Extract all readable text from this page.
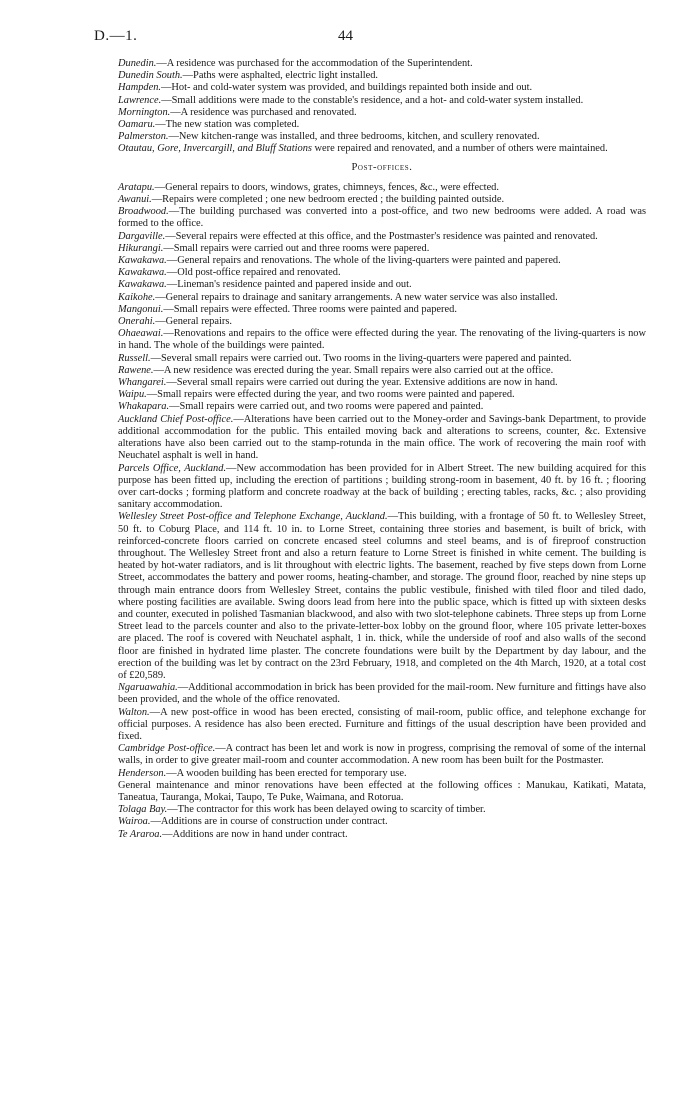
D.—1.	44

Dunedin.—A residence was purchased for the accommodation of the Superintendent.

Dunedin South.—Paths were asphalted, electric light installed.

Hampden.—Hot- and cold-water system was provided, and buildings repainted both inside and out.

Lawrence.—Small additions were made to the constable's residence, and a hot- and cold-water system installed.

Mornington.—A residence was purchased and renovated.

Oamaru.—The new station was completed.

Palmerston.—New kitchen-range was installed, and three bedrooms, kitchen, and scullery renovated.

Otautau, Gore, Invercargill, and Bluff Stations were repaired and renovated, and a number of others were maintained.

Post-offices.

Aratapu.—General repairs to doors, windows, grates, chimneys, fences, &c., were effected.

Awanui.—Repairs were completed ; one new bedroom erected ; the building painted outside.

Broadwood.—The building purchased was converted into a post-office, and two new bedrooms were added. A road was formed to the office.

Dargaville.—Several repairs were effected at this office, and the Postmaster's residence was painted and renovated.

Hikurangi.—Small repairs were carried out and three rooms were papered.

Kawakawa.—General repairs and renovations. The whole of the living-quarters were painted and papered.

Kawakawa.—Old post-office repaired and renovated.

Kawakawa.—Lineman's residence painted and papered inside and out.

Kaikohe.—General repairs to drainage and sanitary arrangements. A new water service was also installed.

Mangonui.—Small repairs were effected. Three rooms were painted and papered.

Onerahi.—General repairs.

Ohaeawai.—Renovations and repairs to the office were effected during the year. The renovating of the living-quarters is now in hand. The whole of the buildings were painted.

Russell.—Several small repairs were carried out. Two rooms in the living-quarters were papered and painted.

Rawene.—A new residence was erected during the year. Small repairs were also carried out at the office.

Whangarei.—Several small repairs were carried out during the year. Extensive additions are now in hand.

Waipu.—Small repairs were effected during the year, and two rooms were painted and papered.

Whakapara.—Small repairs were carried out, and two rooms were papered and painted.

Auckland Chief Post-office.—Alterations have been carried out to the Money-order and Savings-bank Department, to provide additional accommodation for the public. This entailed moving back and alterations to screens, counter, &c. Extensive alterations have also been carried out to the stamp-rotunda in the main office. The work of recovering the main roof with Neuchatel asphalt is well in hand.

Parcels Office, Auckland.—New accommodation has been provided for in Albert Street. The new building acquired for this purpose has been fitted up, including the erection of partitions ; building strong-room in basement, 40 ft. by 16 ft. ; flooring over cart-docks ; forming platform and concrete roadway at the back of building ; erecting tables, racks, &c. ; also providing sanitary accommodation.

Wellesley Street Post-office and Telephone Exchange, Auckland.—This building, with a frontage of 50 ft. to Wellesley Street, 50 ft. to Coburg Place, and 114 ft. 10 in. to Lorne Street, containing three stories and basement, is built of brick, with reinforced-concrete floors carried on concrete encased steel columns and steel beams, and is of fireproof construction throughout. The Wellesley Street front and also a return feature to Lorne Street is finished in white cement. The building is heated by hot-water radiators, and is lit throughout with electric lights. The basement, reached by five steps down from Lorne Street, accommodates the battery and power rooms, heating-chamber, and storage. The ground floor, reached by nine steps up through main entrance doors from Wellesley Street, contains the public vestibule, finished with tiled floor and tiled dado, where posting facilities are available. Swing doors lead from here into the public space, which is fitted up with sixteen desks and counter, executed in polished Tasmanian blackwood, and also with two slot-telephone cabinets. Three steps up from Lorne Street lead to the parcels counter and also to the private-letter-box lobby on the ground floor, where 105 private letter-boxes are placed. The roof is covered with Neuchatel asphalt, 1 in. thick, while the underside of roof and also walls of the second floor are finished in hydrated lime plaster. The concrete foundations were built by the Department by day labour, and the erection of the building was let by contract on the 23rd February, 1918, and completed on the 4th March, 1920, at a total cost of £20,589.

Ngaruawahia.—Additional accommodation in brick has been provided for the mail-room. New furniture and fittings have also been provided, and the whole of the office renovated.

Walton.—A new post-office in wood has been erected, consisting of mail-room, public office, and telephone exchange for official purposes. A residence has also been erected. Furniture and fittings of the usual description have been provided and fixed.

Cambridge Post-office.—A contract has been let and work is now in progress, comprising the removal of some of the internal walls, in order to give greater mail-room and counter accommodation. A new room has been built for the Postmaster.

Henderson.—A wooden building has been erected for temporary use.

General maintenance and minor renovations have been effected at the following offices : Manukau, Katikati, Matata, Taneatua, Tauranga, Mokai, Taupo, Te Puke, Waimana, and Rotorua.

Tolaga Bay.—The contractor for this work has been delayed owing to scarcity of timber.

Wairoa.—Additions are in course of construction under contract.

Te Araroa.—Additions are now in hand under contract.
